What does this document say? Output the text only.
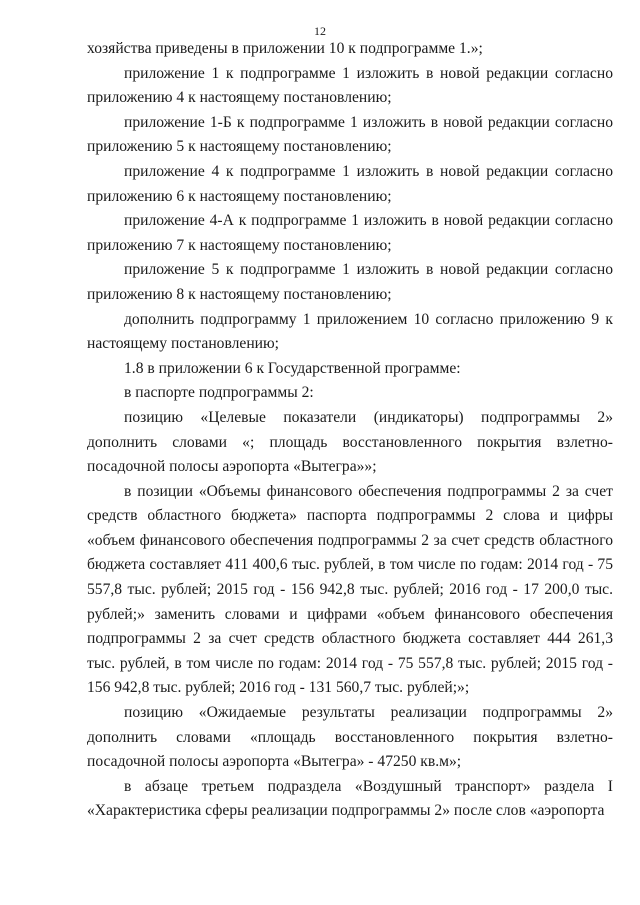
12

хозяйства приведены в приложении 10 к подпрограмме 1.»;

приложение 1 к подпрограмме 1 изложить в новой редакции согласно приложению 4 к настоящему постановлению;

приложение 1-Б к подпрограмме 1 изложить в новой редакции согласно приложению 5 к настоящему постановлению;

приложение 4 к подпрограмме 1 изложить в новой редакции согласно приложению 6 к настоящему постановлению;

приложение 4-А к подпрограмме 1 изложить в новой редакции согласно приложению 7 к настоящему постановлению;

приложение 5 к подпрограмме 1 изложить в новой редакции согласно приложению 8 к настоящему постановлению;

дополнить подпрограмму 1 приложением 10 согласно приложению 9 к настоящему постановлению;

1.8 в приложении 6 к Государственной программе:

в паспорте подпрограммы 2:

позицию «Целевые показатели (индикаторы) подпрограммы 2» дополнить словами «; площадь восстановленного покрытия взлетно-посадочной полосы аэропорта «Вытегра»»;

в позиции «Объемы финансового обеспечения подпрограммы 2 за счет средств областного бюджета» паспорта подпрограммы 2 слова и цифры «объем финансового обеспечения подпрограммы 2 за счет средств областного бюджета составляет 411 400,6 тыс. рублей, в том числе по годам: 2014 год - 75 557,8 тыс. рублей; 2015 год - 156 942,8 тыс. рублей; 2016 год - 17 200,0 тыс. рублей;» заменить словами и цифрами «объем финансового обеспечения подпрограммы 2 за счет средств областного бюджета составляет 444 261,3 тыс. рублей, в том числе по годам: 2014 год - 75 557,8 тыс. рублей; 2015 год - 156 942,8 тыс. рублей; 2016 год - 131 560,7 тыс. рублей;»;

позицию «Ожидаемые результаты реализации подпрограммы 2» дополнить словами «площадь восстановленного покрытия взлетно-посадочной полосы аэропорта «Вытегра» - 47250 кв.м»;

в абзаце третьем подраздела «Воздушный транспорт» раздела I «Характеристика сферы реализации подпрограммы 2» после слов «аэропорта
